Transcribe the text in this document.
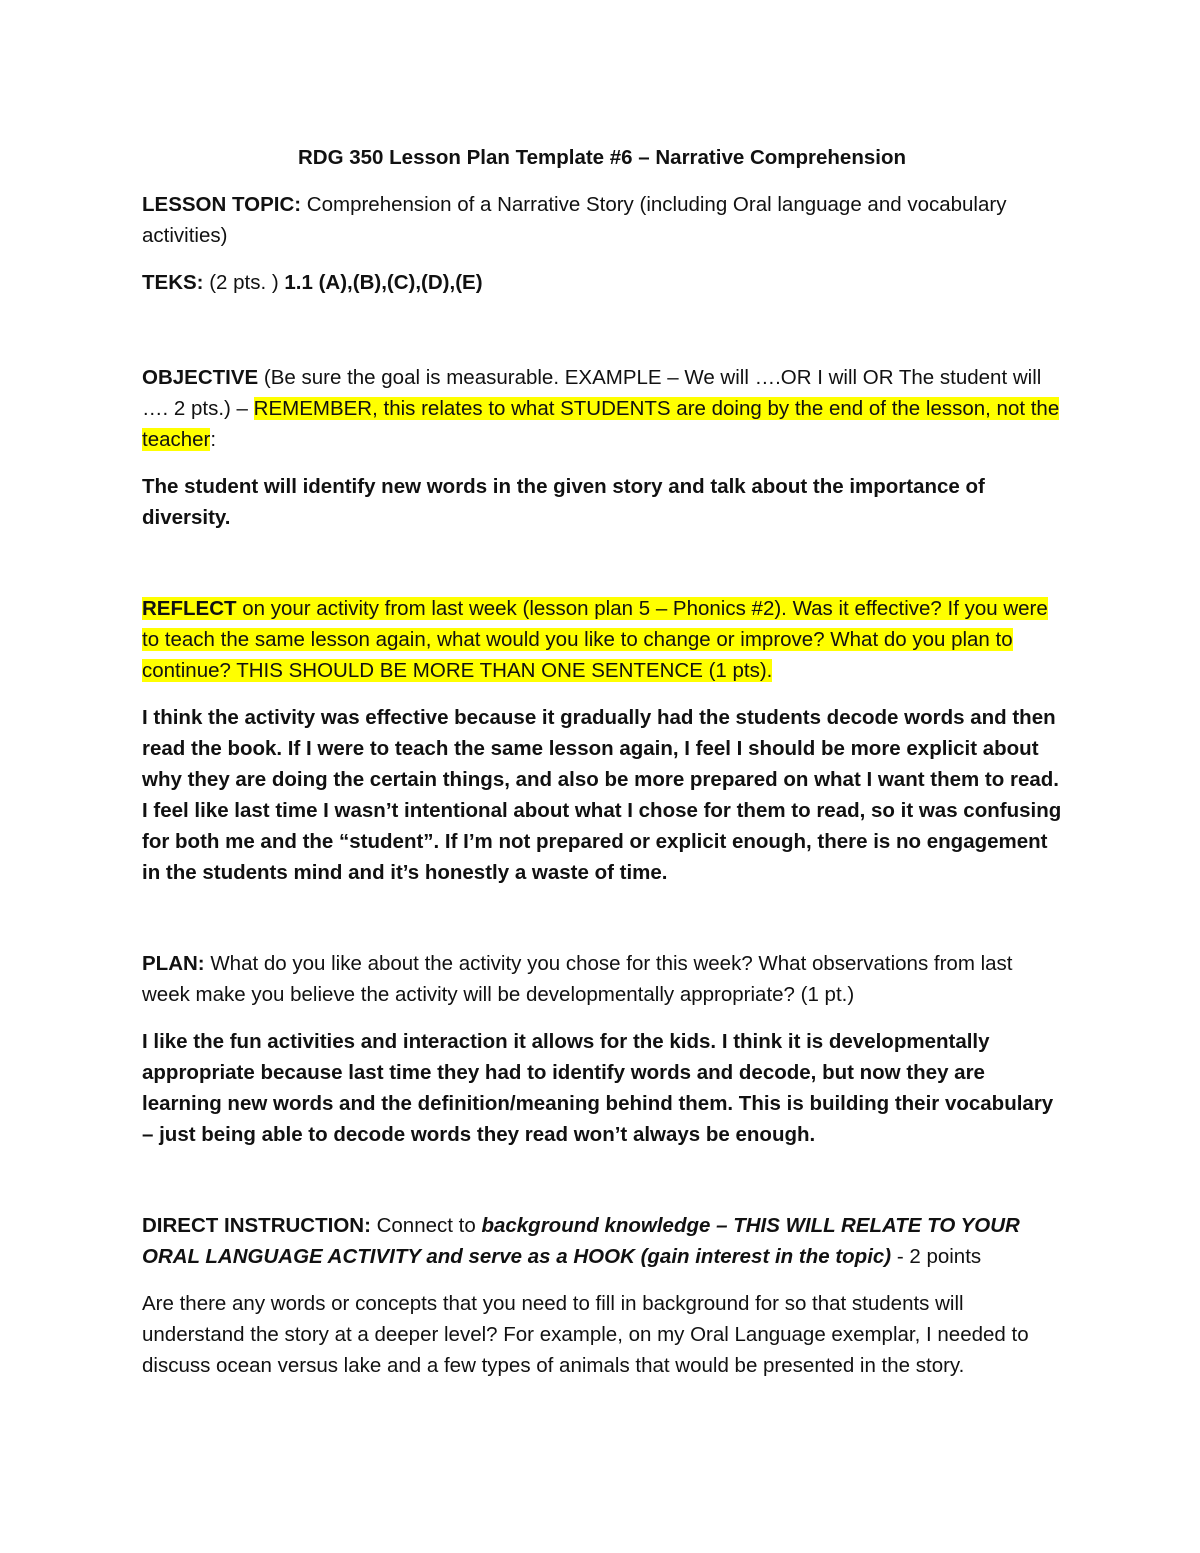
RDG 350 Lesson Plan Template #6 – Narrative Comprehension

LESSON TOPIC: Comprehension of a Narrative Story (including Oral language and vocabulary activities)

TEKS: (2 pts. ) 1.1 (A),(B),(C),(D),(E)

OBJECTIVE (Be sure the goal is measurable. EXAMPLE – We will ….OR I will OR The student will …. 2 pts.) – REMEMBER, this relates to what STUDENTS are doing by the end of the lesson, not the teacher:

The student will identify new words in the given story and talk about the importance of diversity.

REFLECT on your activity from last week (lesson plan 5 – Phonics #2). Was it effective? If you were to teach the same lesson again, what would you like to change or improve? What do you plan to continue? THIS SHOULD BE MORE THAN ONE SENTENCE (1 pts).

I think the activity was effective because it gradually had the students decode words and then read the book. If I were to teach the same lesson again, I feel I should be more explicit about why they are doing the certain things, and also be more prepared on what I want them to read. I feel like last time I wasn’t intentional about what I chose for them to read, so it was confusing for both me and the “student”. If I’m not prepared or explicit enough, there is no engagement in the students mind and it’s honestly a waste of time.

PLAN: What do you like about the activity you chose for this week? What observations from last week make you believe the activity will be developmentally appropriate? (1 pt.)

I like the fun activities and interaction it allows for the kids. I think it is developmentally appropriate because last time they had to identify words and decode, but now they are learning new words and the definition/meaning behind them. This is building their vocabulary – just being able to decode words they read won’t always be enough.

DIRECT INSTRUCTION: Connect to background knowledge – THIS WILL RELATE TO YOUR ORAL LANGUAGE ACTIVITY and serve as a HOOK (gain interest in the topic) - 2 points

Are there any words or concepts that you need to fill in background for so that students will understand the story at a deeper level? For example, on my Oral Language exemplar, I needed to discuss ocean versus lake and a few types of animals that would be presented in the story.
